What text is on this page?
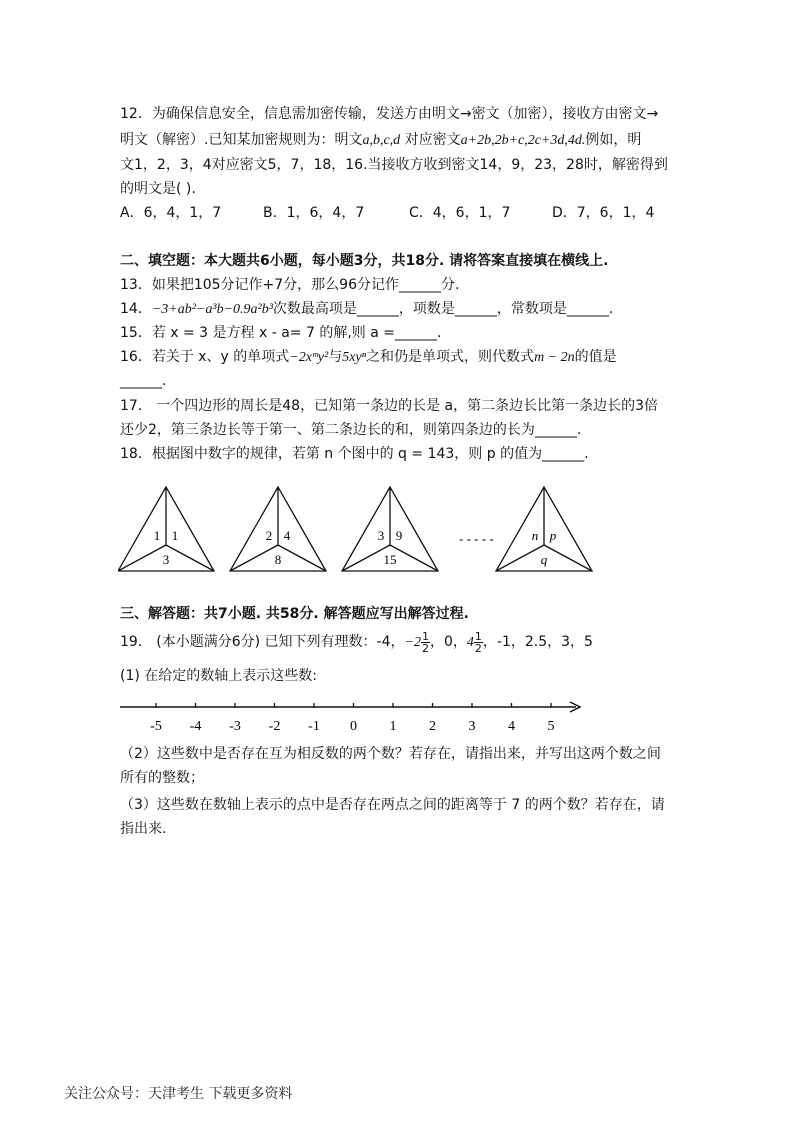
12．为确保信息安全，信息需加密传输，发送方由明文→密文（加密），接收方由密文→
明文（解密）.已知某加密规则为：明文a,b,c,d 对应密文a+2b,2b+c,2c+3d,4d.例如，明
文1，2，3，4对应密文5，7，18，16.当接收方收到密文14，9，23，28时，解密得到
的明文是( ).
A．6，4，1，7	B．1，6，4，7	C．4，6，1，7	D．7，6，1，4
二、填空题：本大题共6小题，每小题3分，共18分. 请将答案直接填在横线上.
13．如果把105分记作+7分，那么96分记作______分.
14．−3+ab²−a³b−0.9a²b³次数最高项是______，项数是______，常数项是______.
15．若 x = 3 是方程 x - a= 7 的解,则 a =______.
16．若关于 x、y 的单项式−2xᵐy²与5xyⁿ之和仍是单项式，则代数式m − 2n的值是
______.
17． 一个四边形的周长是48，已知第一条边的长是 a，第二条边长比第一条边长的3倍
还少2，第三条边长等于第一、第二条边长的和，则第四条边的长为______.
18．根据图中数字的规律，若第 n 个图中的 q = 143，则 p 的值为______.
1 1
3
2 4
8
3 9
15
n p
q
- - - - -
三、解答题：共7小题. 共58分. 解答题应写出解答过程.
19． (本小题满分6分) 已知下列有理数：-4，$-2 \frac{1}{2}$ ，0，$4 \frac{1}{2}$ ，-1，2.5，3，5
(1) 在给定的数轴上表示这些数:
-5 -4 -3 -2 -1 0 1 2 3 4 5
（2）这些数中是否存在互为相反数的两个数？若存在，请指出来，并写出这两个数之间
所有的整数；
（3）这些数在数轴上表示的点中是否存在两点之间的距离等于 7 的两个数？若存在，请
指出来.
关注公众号：天津考生 下载更多资料
